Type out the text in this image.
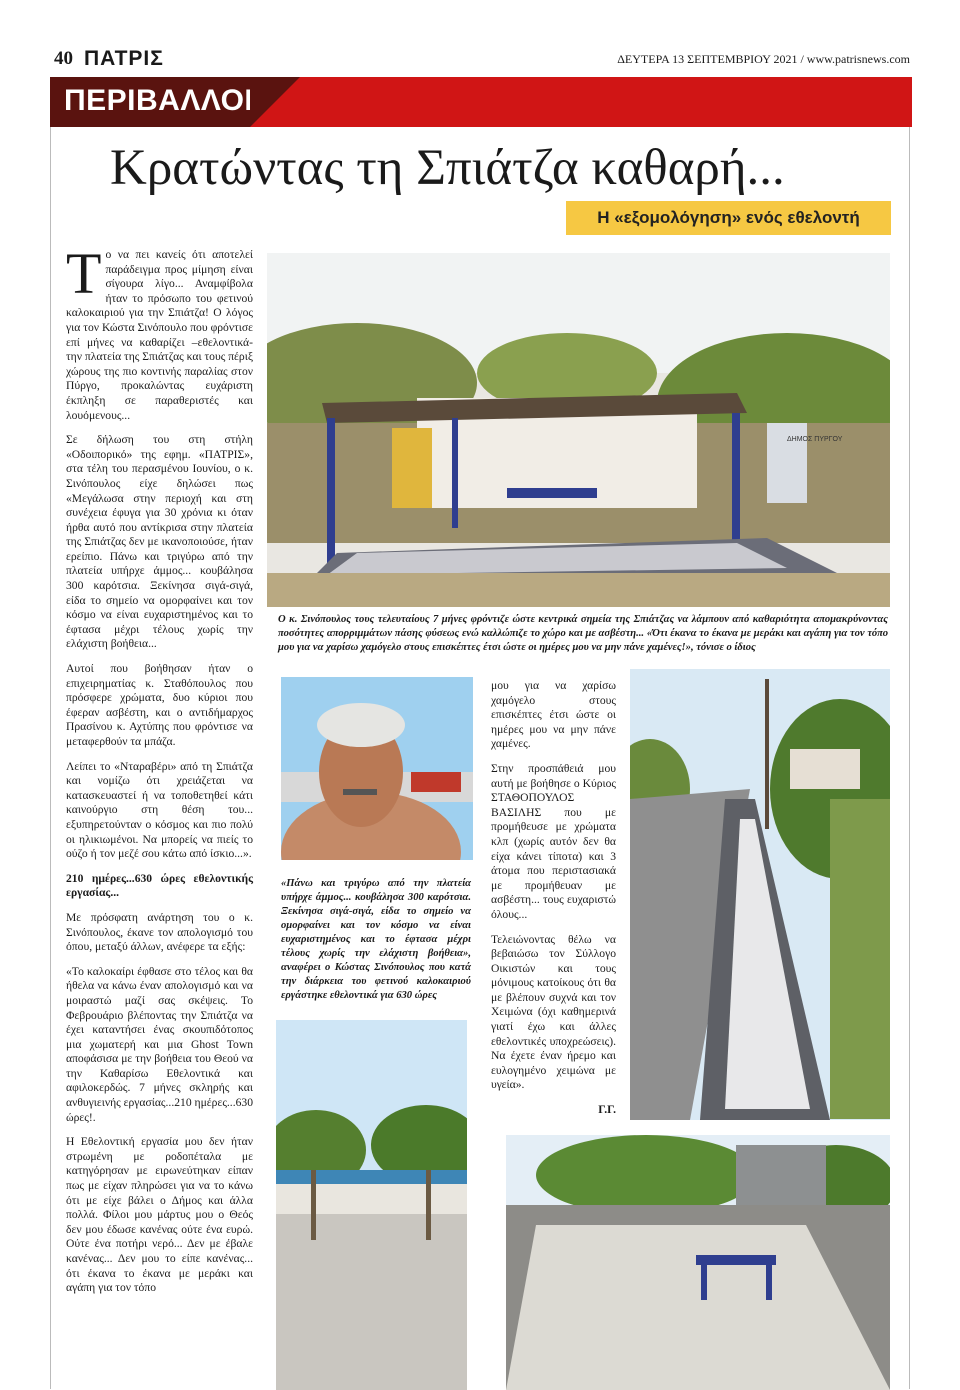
40 ΠΑΤΡΙΣ	ΔΕΥΤΕΡΑ 13 ΣΕΠΤΕΜΒΡΙΟΥ 2021 / www.patrisnews.com
ΠΕΡΙΒΑΛΛΟΝ
Κρατώντας τη Σπιάτζα καθαρή...
Η «εξομολόγηση» ενός εθελοντή

Το να πει κανείς ότι αποτελεί παράδειγμα προς μίμηση είναι σίγουρα λίγο... Αναμφίβολα ήταν το πρόσωπο του φετινού καλοκαιριού για την Σπιάτζα! Ο λόγος για τον Κώστα Σινόπουλο που φρόντισε επί μήνες να καθαρίζει –εθελοντικά- την πλατεία της Σπιάτζας και τους πέριξ χώρους της πιο κοντινής παραλίας στον Πύργο, προκαλώντας ευχάριστη έκπληξη σε παραθεριστές και λουόμενους...

Σε δήλωση του στη στήλη «Οδοιπορικό» της εφημ. «ΠΑΤΡΙΣ», στα τέλη του περασμένου Ιουνίου, ο κ. Σινόπουλος είχε δηλώσει πως «Μεγάλωσα στην περιοχή και στη συνέχεια έφυγα για 30 χρόνια κι όταν ήρθα αυτό που αντίκρισα στην πλατεία της Σπιάτζας δεν με ικανοποιούσε, ήταν ερείπιο. Πάνω και τριγύρω από την πλατεία υπήρχε άμμος... κουβάλησα 300 καρότσια. Ξεκίνησα σιγά-σιγά, είδα το σημείο να ομορφαίνει και τον κόσμο να είναι ευχαριστημένος και το έφτασα μέχρι τέλους χωρίς την ελάχιστη βοήθεια...

Αυτοί που βοήθησαν ήταν ο επιχειρηματίας κ. Σταθόπουλος που πρόσφερε χρώματα, δυο κύριοι που έφεραν ασβέστη, και ο αντιδήμαρχος Πρασίνου κ. Αχτύπης που φρόντισε να μεταφερθούν τα μπάζα.

Λείπει το «Νταραβέρι» από τη Σπιάτζα και νομίζω ότι χρειάζεται να κατασκευαστεί ή να τοποθετηθεί κάτι καινούργιο στη θέση του... εξυπηρετούνταν ο κόσμος και πιο πολύ οι ηλικιωμένοι. Να μπορείς να πιείς το ούζο ή τον μεζέ σου κάτω από ίσκιο...».

210 ημέρες...630 ώρες εθελοντικής εργασίας...

Με πρόσφατη ανάρτηση του ο κ. Σινόπουλος, έκανε τον απολογισμό του όπου, μεταξύ άλλων, ανέφερε τα εξής:

«Το καλοκαίρι έφθασε στο τέλος και θα ήθελα να κάνω έναν απολογισμό και να μοιραστώ μαζί σας σκέψεις. Το Φεβρουάριο βλέποντας την Σπιάτζα να έχει καταντήσει ένας σκουπιδότοπος μια χωματερή και μια Ghost Town αποφάσισα με την βοήθεια του Θεού να την Καθαρίσω Εθελοντικά και αφιλοκερδώς. 7 μήνες σκληρής και ανθυγιεινής εργασίας...210 ημέρες...630 ώρες!.

Η Εθελοντική εργασία μου δεν ήταν στρωμένη με ροδοπέταλα με κατηγόρησαν με ειρωνεύτηκαν είπαν πως με είχαν πληρώσει για να το κάνω ότι με είχε βάλει ο Δήμος και άλλα πολλά. Φίλοι μου μάρτυς μου ο Θεός δεν μου έδωσε κανένας ούτε ένα ευρώ. Ούτε ένα ποτήρι νερό... Δεν με έβαλε κανένας... Δεν μου το είπε κανένας... ότι έκανα το έκανα με μεράκι και αγάπη για τον τόπο

ΔΗΜΟΣ ΠΥΡΓΟΥ
Ο κ. Σινόπουλος τους τελευταίους 7 μήνες φρόντιζε ώστε κεντρικά σημεία της Σπιάτζας να λάμπουν από καθαριότητα απομακρύνοντας ποσότητες απορριμμάτων πάσης φύσεως ενώ καλλώπιζε το χώρο και με ασβέστη... «Ότι έκανα το έκανα με μεράκι και αγάπη για τον τόπο μου για να χαρίσω χαμόγελο στους επισκέπτες έτσι ώστε οι ημέρες μου να μην πάνε χαμένες!», τόνισε ο ίδιος
«Πάνω και τριγύρω από την πλατεία υπήρχε άμμος... κουβάλησα 300 καρότσια. Ξεκίνησα σιγά-σιγά, είδα το σημείο να ομορφαίνει και τον κόσμο να είναι ευχαριστημένος και το έφτασα μέχρι τέλους χωρίς την ελάχιστη βοήθεια», αναφέρει ο Κώστας Σινόπουλος που κατά την διάρκεια του φετινού καλοκαιριού εργάστηκε εθελοντικά για 630 ώρες

μου για να χαρίσω χαμόγελο στους επισκέπτες έτσι ώστε οι ημέρες μου να μην πάνε χαμένες.

Στην προσπάθειά μου αυτή με βοήθησε ο Κύριος ΣΤΑΘΟΠΟΥΛΟΣ ΒΑΣΙΛΗΣ που με προμήθευσε με χρώματα κλπ (χωρίς αυτόν δεν θα είχα κάνει τίποτα) και 3 άτομα που περιστασιακά με προμήθευαν με ασβέστη... τους ευχαριστώ όλους...

Τελειώνοντας θέλω να βεβαιώσω τον Σύλλογο Οικιστών και τους μόνιμους κατοίκους ότι θα με βλέπουν συχνά και τον Χειμώνα (όχι καθημερινά γιατί έχω και άλλες εθελοντικές υποχρεώσεις). Να έχετε έναν ήρεμο και ευλογημένο χειμώνα με υγεία».

Γ.Γ.
